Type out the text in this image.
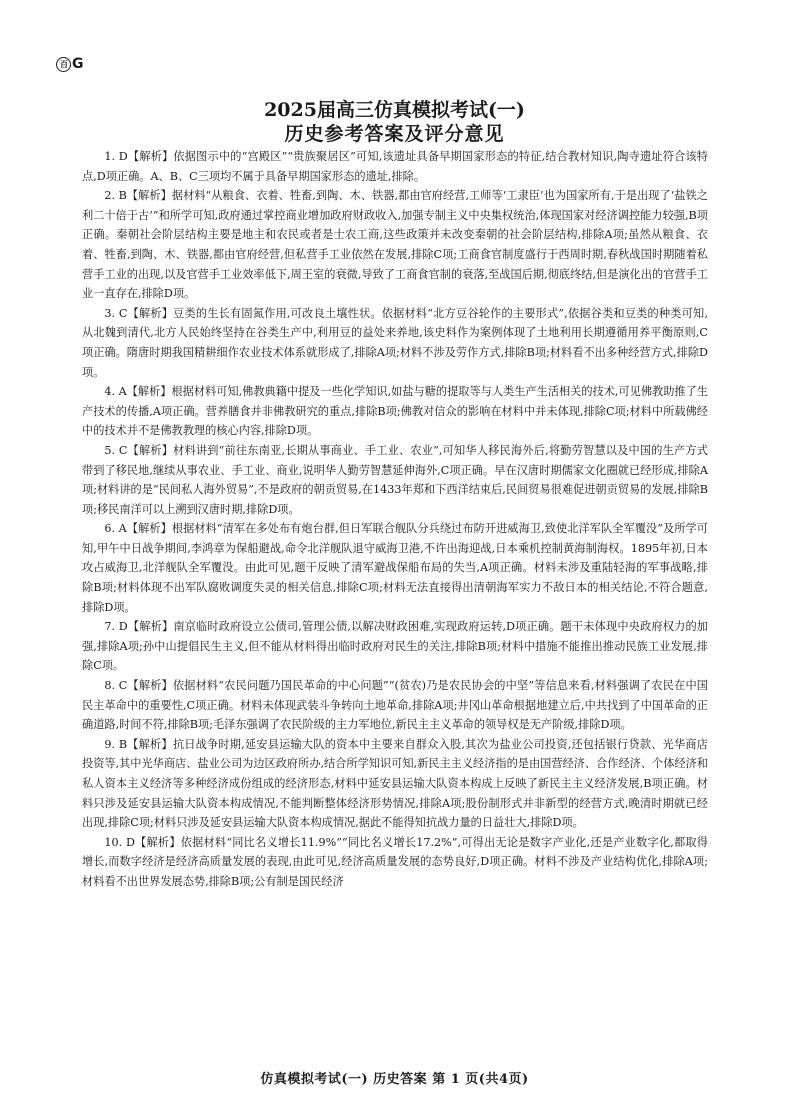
百 G
2025届高三仿真模拟考试(一)
历史参考答案及评分意见

1. D【解析】依据图示中的“宫殿区”“贵族聚居区”可知,该遗址具备早期国家形态的特征,结合教材知识,陶寺遗址符合该特点,D项正确。A、B、C三项均不属于具备早期国家形态的遗址,排除。

2. B【解析】据材料“从粮食、衣着、牲畜,到陶、木、铁器,都由官府经营,工师等‘工隶臣’也为国家所有,于是出现了‘盐铁之利二十倍于古’”和所学可知,政府通过掌控商业增加政府财政收入,加强专制主义中央集权统治,体现国家对经济调控能力较强,B项正确。秦朝社会阶层结构主要是地主和农民或者是士农工商,这些政策并未改变秦朝的社会阶层结构,排除A项;虽然从粮食、衣着、牲畜,到陶、木、铁器,都由官府经营,但私营手工业依然在发展,排除C项;工商食官制度盛行于西周时期,春秋战国时期随着私营手工业的出现,以及官营手工业效率低下,周王室的衰微,导致了工商食官制的衰落,至战国后期,彻底终结,但是演化出的官营手工业一直存在,排除D项。

3. C【解析】豆类的生长有固氮作用,可改良土壤性状。依据材料“北方豆谷轮作的主要形式”,依据谷类和豆类的种类可知,从北魏到清代,北方人民始终坚持在谷类生产中,利用豆的益处来养地,该史料作为案例体现了土地利用长期遵循用养平衡原则,C项正确。隋唐时期我国精耕细作农业技术体系就形成了,排除A项;材料不涉及劳作方式,排除B项;材料看不出多种经营方式,排除D项。

4. A【解析】根据材料可知,佛教典籍中提及一些化学知识,如盐与糖的提取等与人类生产生活相关的技术,可见佛教助推了生产技术的传播,A项正确。营养膳食并非佛教研究的重点,排除B项;佛教对信众的影响在材料中并未体现,排除C项;材料中所载佛经中的技术并不是佛教教理的核心内容,排除D项。

5. C【解析】材料讲到“前往东南亚,长期从事商业、手工业、农业”,可知华人移民海外后,将勤劳智慧以及中国的生产方式带到了移民地,继续从事农业、手工业、商业,说明华人勤劳智慧延伸海外,C项正确。早在汉唐时期儒家文化圈就已经形成,排除A项;材料讲的是“民间私人海外贸易”,不是政府的朝贡贸易,在1433年郑和下西洋结束后,民间贸易很难促进朝贡贸易的发展,排除B项;移民南洋可以上溯到汉唐时期,排除D项。

6. A【解析】根据材料“清军在多处布有炮台群,但日军联合舰队分兵绕过布防开进威海卫,致使北洋军队全军覆没”及所学可知,甲午中日战争期间,李鸿章为保船避战,命令北洋舰队退守威海卫港,不许出海迎战,日本乘机控制黄海制海权。1895年初,日本攻占威海卫,北洋舰队全军覆没。由此可见,题干反映了清军避战保船布局的失当,A项正确。材料未涉及重陆轻海的军事战略,排除B项;材料体现不出军队腐败调度失灵的相关信息,排除C项;材料无法直接得出清朝海军实力不敌日本的相关结论,不符合题意,排除D项。

7. D【解析】南京临时政府设立公债司,管理公债,以解决财政困难,实现政府运转,D项正确。题干未体现中央政府权力的加强,排除A项;孙中山提倡民生主义,但不能从材料得出临时政府对民生的关注,排除B项;材料中措施不能推出推动民族工业发展,排除C项。

8. C【解析】依据材料“农民问题乃国民革命的中心问题”“(贫农)乃是农民协会的中坚”等信息来看,材料强调了农民在中国民主革命中的重要性,C项正确。材料未体现武装斗争转向土地革命,排除A项;井冈山革命根据地建立后,中共找到了中国革命的正确道路,时间不符,排除B项;毛泽东强调了农民阶级的主力军地位,新民主主义革命的领导权是无产阶级,排除D项。

9. B【解析】抗日战争时期,延安县运输大队的资本中主要来自群众入股,其次为盐业公司投资,还包括银行贷款、光华商店投资等,其中光华商店、盐业公司为边区政府所办,结合所学知识可知,新民主主义经济指的是由国营经济、合作经济、个体经济和私人资本主义经济等多种经济成份组成的经济形态,材料中延安县运输大队资本构成上反映了新民主主义经济发展,B项正确。材料只涉及延安县运输大队资本构成情况,不能判断整体经济形势情况,排除A项;股份制形式并非新型的经营方式,晚清时期就已经出现,排除C项;材料只涉及延安县运输大队资本构成情况,据此不能得知抗战力量的日益壮大,排除D项。

10. D【解析】依据材料“同比名义增长11.9%”“同比名义增长17.2%”,可得出无论是数字产业化,还是产业数字化,都取得增长,而数字经济是经济高质量发展的表现,由此可见,经济高质量发展的态势良好,D项正确。材料不涉及产业结构优化,排除A项;材料看不出世界发展态势,排除B项;公有制是国民经济

仿真模拟考试(一) 历史答案 第 1 页(共4页)
